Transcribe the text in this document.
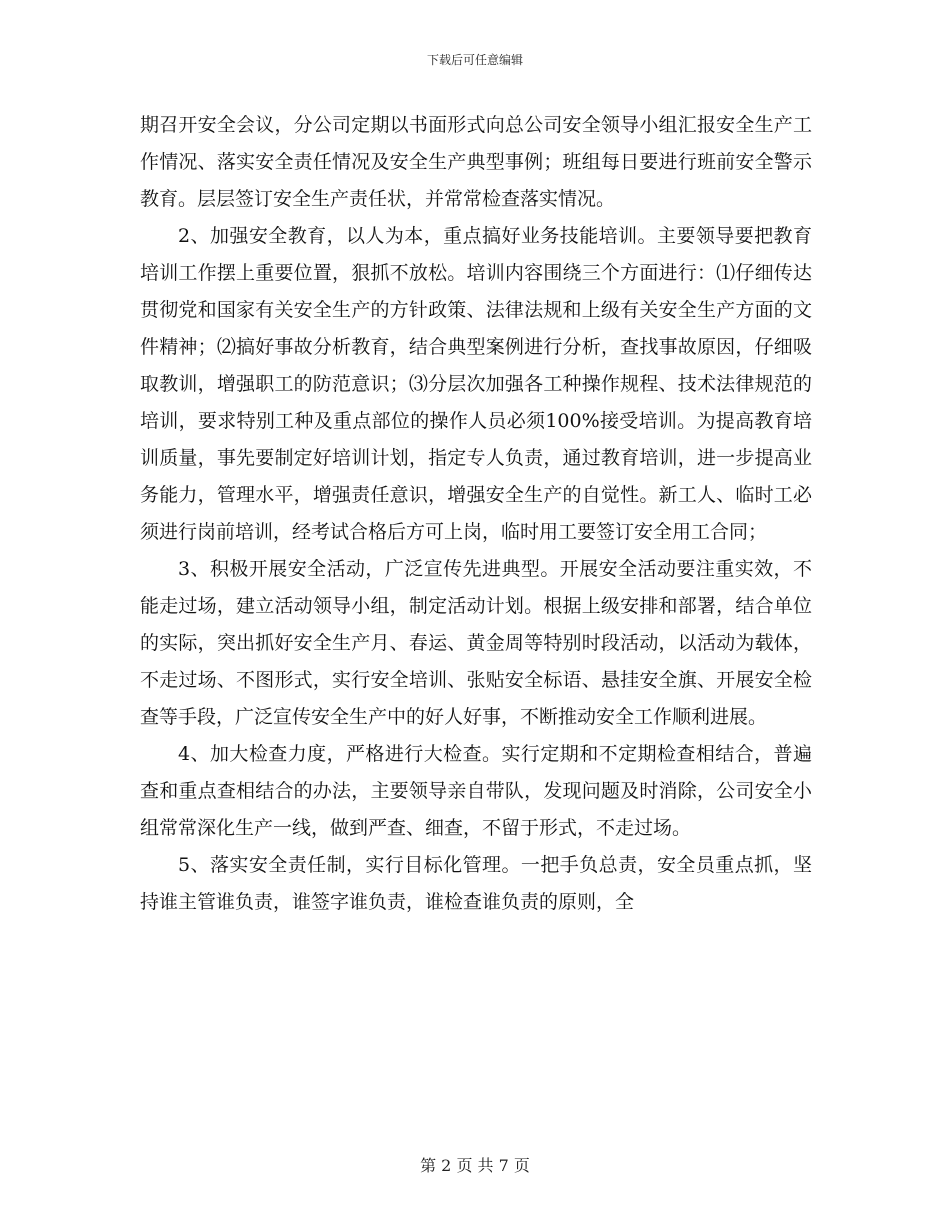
下载后可任意编辑

期召开安全会议，分公司定期以书面形式向总公司安全领导小组汇报安全生产工作情况、落实安全责任情况及安全生产典型事例；班组每日要进行班前安全警示教育。层层签订安全生产责任状，并常常检查落实情况。

2、加强安全教育，以人为本，重点搞好业务技能培训。主要领导要把教育培训工作摆上重要位置，狠抓不放松。培训内容围绕三个方面进行：⑴仔细传达贯彻党和国家有关安全生产的方针政策、法律法规和上级有关安全生产方面的文件精神；⑵搞好事故分析教育，结合典型案例进行分析，查找事故原因，仔细吸取教训，增强职工的防范意识；⑶分层次加强各工种操作规程、技术法律规范的培训，要求特别工种及重点部位的操作人员必须100%接受培训。为提高教育培训质量，事先要制定好培训计划，指定专人负责，通过教育培训，进一步提高业务能力，管理水平，增强责任意识，增强安全生产的自觉性。新工人、临时工必须进行岗前培训，经考试合格后方可上岗，临时用工要签订安全用工合同；

3、积极开展安全活动，广泛宣传先进典型。开展安全活动要注重实效，不能走过场，建立活动领导小组，制定活动计划。根据上级安排和部署，结合单位的实际，突出抓好安全生产月、春运、黄金周等特别时段活动，以活动为载体，不走过场、不图形式，实行安全培训、张贴安全标语、悬挂安全旗、开展安全检查等手段，广泛宣传安全生产中的好人好事，不断推动安全工作顺利进展。

4、加大检查力度，严格进行大检查。实行定期和不定期检查相结合，普遍查和重点查相结合的办法，主要领导亲自带队，发现问题及时消除，公司安全小组常常深化生产一线，做到严查、细查，不留于形式，不走过场。

5、落实安全责任制，实行目标化管理。一把手负总责，安全员重点抓，坚持谁主管谁负责，谁签字谁负责，谁检查谁负责的原则，全

第 2 页 共 7 页
